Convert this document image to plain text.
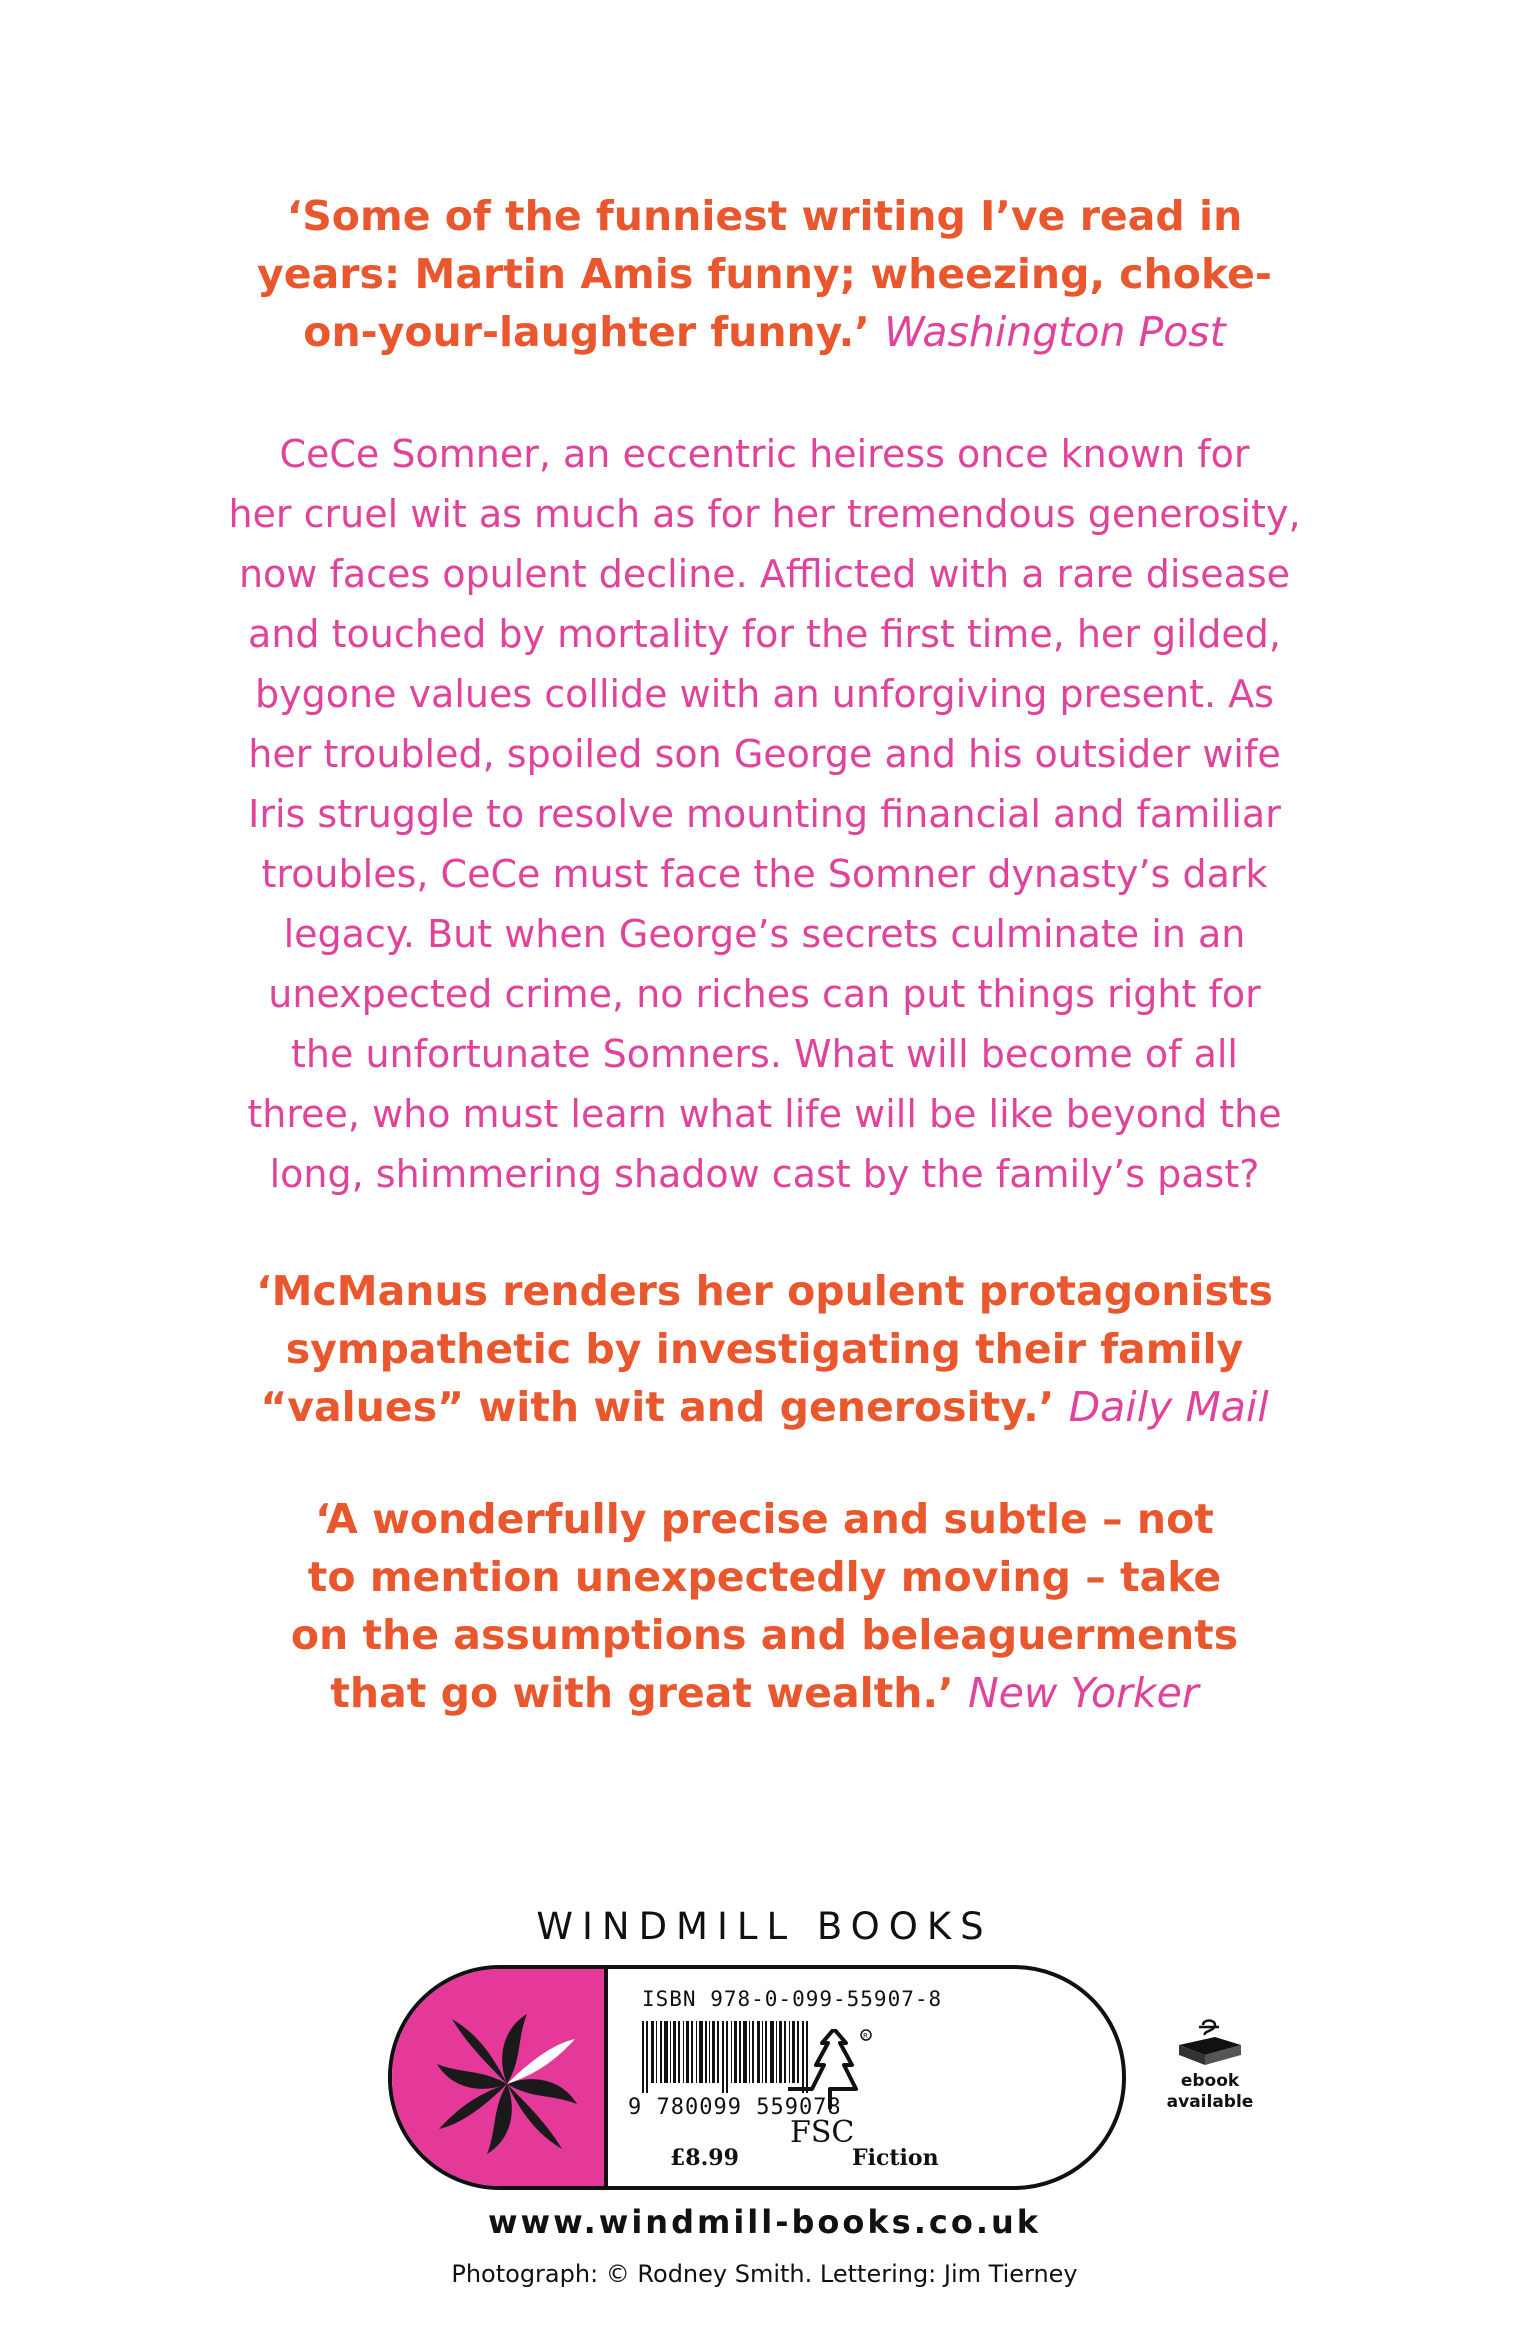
‘Some of the funniest writing I’ve read in
years: Martin Amis funny; wheezing, choke-
on-your-laughter funny.’ Washington Post
CeCe Somner, an eccentric heiress once known for
her cruel wit as much as for her tremendous generosity,
now faces opulent decline. Afflicted with a rare disease
and touched by mortality for the first time, her gilded,
bygone values collide with an unforgiving present. As
her troubled, spoiled son George and his outsider wife
Iris struggle to resolve mounting financial and familiar
troubles, CeCe must face the Somner dynasty’s dark
legacy. But when George’s secrets culminate in an
unexpected crime, no riches can put things right for
the unfortunate Somners. What will become of all
three, who must learn what life will be like beyond the
long, shimmering shadow cast by the family’s past?
‘McManus renders her opulent protagonists
sympathetic by investigating their family
“values” with wit and generosity.’ Daily Mail
‘A wonderfully precise and subtle – not
to mention unexpectedly moving – take
on the assumptions and beleaguerments
that go with great wealth.’ New Yorker
WINDMILL BOOKS
ISBN 978-0-099-55907-8
9 780099 559078
£8.99	Fiction
R
FSC
ebook
available
www.windmill-books.co.uk
Photograph: © Rodney Smith. Lettering: Jim Tierney
